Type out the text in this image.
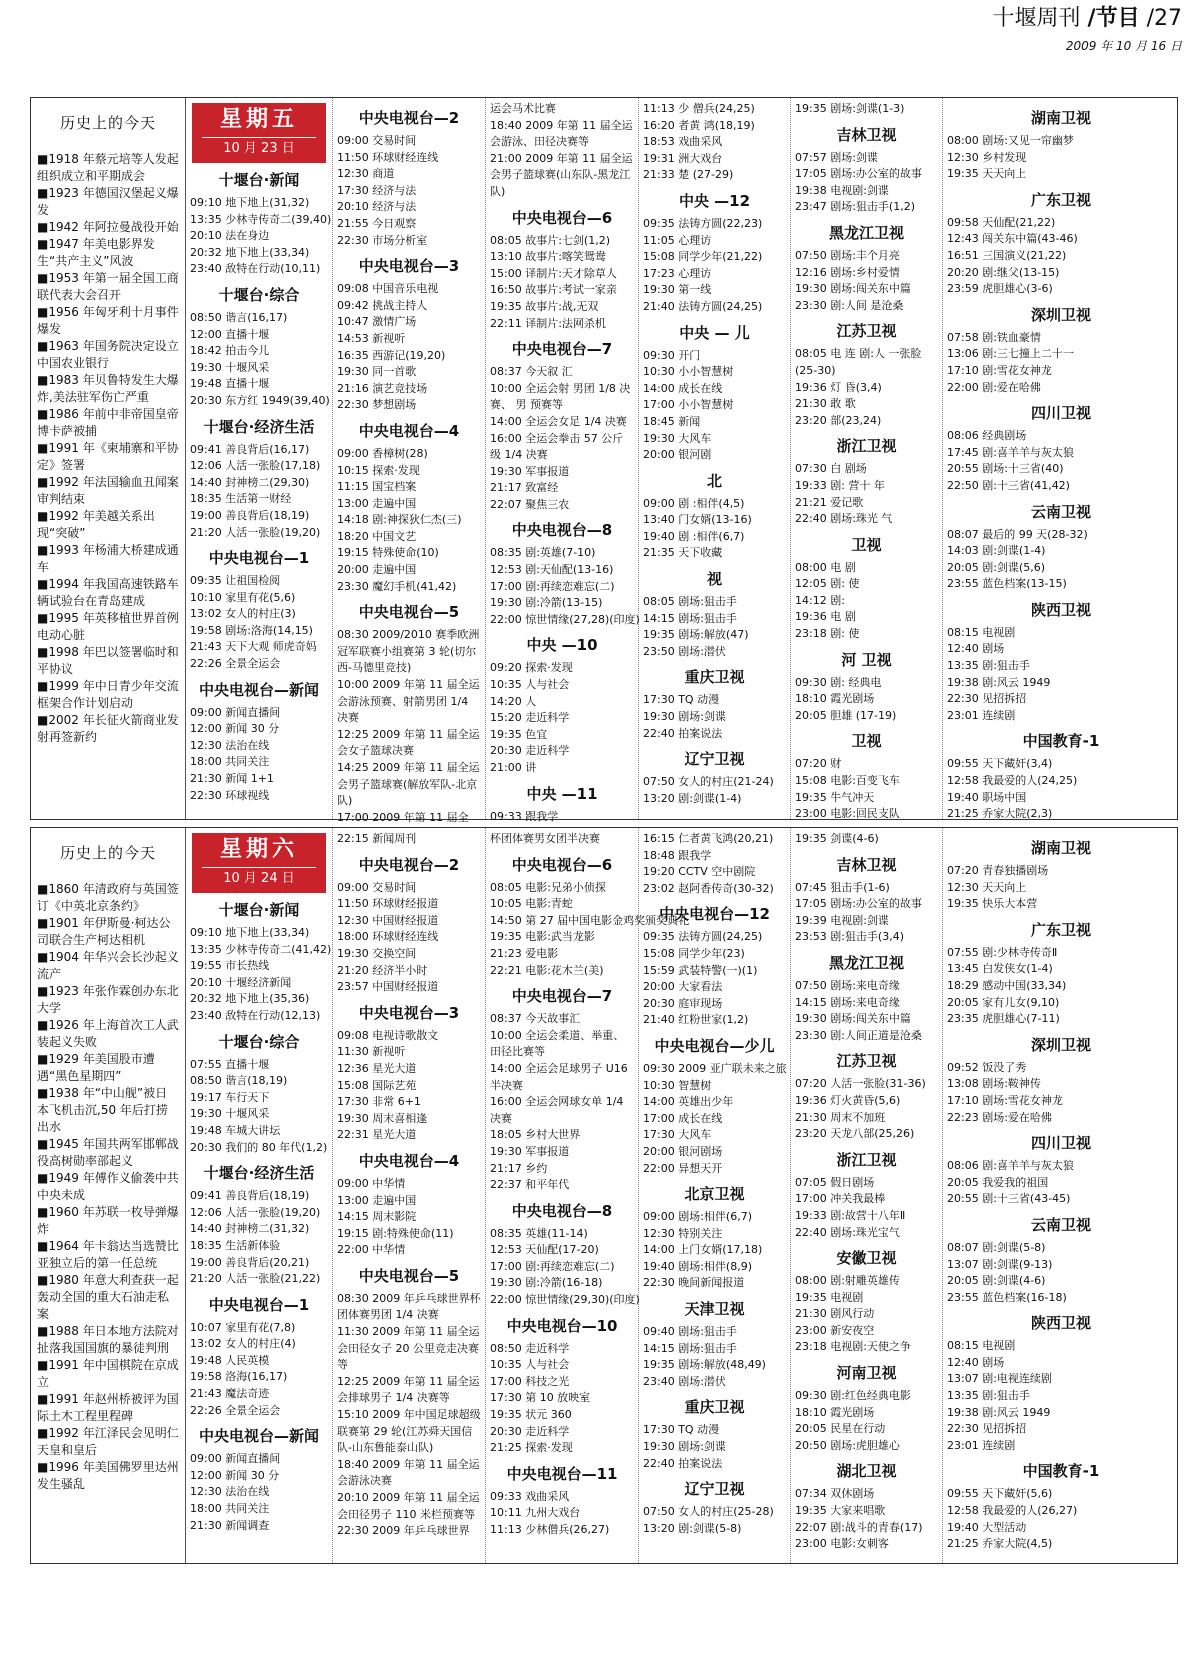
十堰周刊 /节目 /27
2009 年 10 月 16 日
历史上的今天

■1918 年蔡元培等人发起组织成立和平期成会

■1923 年德国汉堡起义爆发

■1942 年阿拉曼战役开始

■1947 年美电影界发生“共产主义”风波

■1953 年第一届全国工商联代表大会召开

■1956 年匈牙利十月事件爆发

■1963 年国务院决定设立中国农业银行

■1983 年贝鲁特发生大爆炸,美法驻军伤亡严重

■1986 年前中非帝国皇帝博卡萨被捕

■1991 年《柬埔寨和平协定》签署

■1992 年法国输血丑闻案审判结束

■1992 年美越关系出现“突破”

■1993 年杨浦大桥建成通车

■1994 年我国高速铁路车辆试验台在青岛建成

■1995 年英移植世界首例电动心脏

■1998 年巴以签署临时和平协议

■1999 年中日青少年交流框架合作计划启动

■2002 年长征火箭商业发射再签新约

星期五
10 月 23 日
十堰台·新闻

09:10 地下地上(31,32)

13:35 少林寺传奇二(39,40)

20:10 法在身边

20:32 地下地上(33,34)

23:40 敌特在行动(10,11)

十堰台·综合

08:50 谐言(16,17)

12:00 直播十堰

18:42 拍击今儿

19:30 十堰风采

19:48 直播十堰

20:30 东方红 1949(39,40)

十堰台·经济生活

09:41 善良背后(16,17)

12:06 人活一张脸(17,18)

14:40 封神榜二(29,30)

18:35 生活第一财经

19:00 善良背后(18,19)

21:20 人活一张脸(19,20)

中央电视台—1

09:35 让祖国检阅

10:10 家里有花(5,6)

13:02 女人的村庄(3)

19:58 剧场:洛海(14,15)

21:43 天下大观 师虎奇妈

22:26 全景全运会

中央电视台—新闻

09:00 新闻直播间

12:00 新闻 30 分

12:30 法治在线

18:00 共同关注

21:30 新闻 1+1

22:30 环球视线

中央电视台—2

09:00 交易时间

11:50 环球财经连线

12:30 商道

17:30 经济与法

20:10 经济与法

21:55 今日观察

22:30 市场分析室

中央电视台—3

09:08 中国音乐电视

09:42 挑战主持人

10:47 激情广场

14:53 新视听

16:35 西游记(19,20)

19:30 同一首歌

21:16 演艺竞技场

22:30 梦想剧场

中央电视台—4

09:00 香樟树(28)

10:15 探索·发现

11:15 国宝档案

13:00 走遍中国

14:18 剧:神探狄仁杰(三)

18:20 中国文艺

19:15 特殊使命(10)

20:00 走遍中国

23:30 魔幻手机(41,42)

中央电视台—5

08:30 2009/2010 赛季欧洲冠军联赛小组赛第 3 轮(切尔西-马德里竞技)

10:00 2009 年第 11 届全运会游泳预赛、射箭男团 1/4 决赛

12:25 2009 年第 11 届全运会女子篮球决赛

14:25 2009 年第 11 届全运会男子篮球赛(解放军队-北京队)

17:00 2009 年第 11 届全

运会马术比赛

18:40 2009 年第 11 届全运会游泳、田径决赛等

21:00 2009 年第 11 届全运会男子篮球赛(山东队-黑龙江队)

中央电视台—6

08:05 故事片:七剑(1,2)

13:10 故事片:喀笑鸳鸯

15:00 译制片:天才除草人

16:50 故事片:考试一家亲

19:35 故事片:战,无双

22:11 译制片:法网杀机

中央电视台—7

08:37 今天叙 汇

10:00 全运会射 男团 1/8 决赛、 男 预赛等

14:00 全运会女足 1/4 决赛

16:00 全运会拳击 57 公斤级 1/4 决赛

19:30 军事报道

21:17 致富经

22:07 聚焦三农

中央电视台—8

08:35 剧:英雄(7-10)

12:53 剧:天仙配(13-16)

17:00 剧:再续恋难忘(二)

19:30 剧:冷箭(13-15)

22:00 惊世情缘(27,28)(印度)

中央 —10

09:20 探索·发现

10:35 人与社会

14:20 人

15:20 走近科学

19:35 色宜

20:30 走近科学

21:00 讲

中央 —11

09:33 跟我学

11:13 少 僧兵(24,25)

16:20 者黄 鸿(18,19)

18:53 戏曲采风

19:31 洲大戏台

21:33 楚 (27-29)

中央 —12

09:35 法铸方圆(22,23)

11:05 心理访

15:08 同学少年(21,22)

17:23 心理访

19:30 第一线

21:40 法铸方圆(24,25)

中央 — 儿

09:30 开门

10:30 小小智慧树

14:00 成长在线

17:00 小小智慧树

18:45 新闻

19:30 大风车

20:00 银河剧

北

09:00 剧 :相伴(4,5)

13:40 门女婿(13-16)

19:40 剧 :相伴(6,7)

21:35 天下收藏

视

08:05 剧场:狙击手

14:15 剧场:狙击手

19:35 剧场:解放(47)

23:50 剧场:潜伏

重庆卫视

17:30 TQ 动漫

19:30 剧场:剑谍

22:40 拍案说法

辽宁卫视

07:50 女人的村庄(21-24)

13:20 剧:剑谍(1-4)

19:35 剧场:剑谍(1-3)

吉林卫视

07:57 剧场:剑谍

17:05 剧场:办公室的故事

19:38 电视剧:剑谍

23:47 剧场:狙击手(1,2)

黑龙江卫视

07:50 剧场:丰个月亮

12:16 剧场:乡村爱情

19:30 剧场:闯关东中篇

23:30 剧:人间 是沧桑

江苏卫视

08:05 电 连 剧:人 一张脸(25-30)

19:36 灯 昏(3,4)

21:30 敢 歌

23:20 部(23,24)

浙江卫视

07:30 白 剧场

19:33 剧: 营十 年

21:21 爱记歌

22:40 剧场:珠光 气

卫视

08:00 电 剧

12:05 剧: 使

14:12 剧:

19:36 电 剧

23:18 剧: 使

河 卫视

09:30 剧: 经典电

18:10 霞光剧场

20:05 胆雄 (17-19)

卫视

07:20 财

15:08 电影:百变飞车

19:35 牛气冲天

23:00 电影:回民支队

湖南卫视

08:00 剧场:又见一帘幽梦

12:30 乡村发现

19:35 天天向上

广东卫视

09:58 天仙配(21,22)

12:43 闯关东中篇(43-46)

16:51 三国演义(21,22)

20:20 剧:继父(13-15)

23:59 虎胆雄心(3-6)

深圳卫视

07:58 剧:铁血豪情

13:06 剧:三七撞上二十一

17:10 剧:雪花女神龙

22:00 剧:爱在哈佛

四川卫视

08:06 经典剧场

17:45 剧:喜羊羊与灰太狼

20:55 剧场:十三省(40)

22:50 剧:十三省(41,42)

云南卫视

08:07 最后的 99 天(28-32)

14:03 剧:剑谍(1-4)

20:05 剧:剑谍(5,6)

23:55 蓝色档案(13-15)

陕西卫视

08:15 电视剧

12:40 剧场

13:35 剧:狙击手

19:38 剧:风云 1949

22:30 见招拆招

23:01 连续剧

中国教育-1

09:55 天下藏奸(3,4)

12:58 我最爱的人(24,25)

19:40 职场中国

21:25 乔家大院(2,3)

历史上的今天

■1860 年清政府与英国签订《中英北京条约》

■1901 年伊斯曼·柯达公司联合生产柯达相机

■1904 年华兴会长沙起义流产

■1923 年张作霖创办东北大学

■1926 年上海首次工人武装起义失败

■1929 年美国股市遭遇“黑色星期四”

■1938 年“中山舰”被日本飞机击沉,50 年后打捞出水

■1945 年国共两军邯郸战役高树勋率部起义

■1949 年傅作义偷袭中共中央未成

■1960 年苏联一枚导弹爆炸

■1964 年卡翁达当选赞比亚独立后的第一任总统

■1980 年意大利查获一起轰动全国的重大石油走私案

■1988 年日本地方法院对扯落我国国旗的暴徒判刑

■1991 年中国棋院在京成立

■1991 年赵州桥被评为国际土木工程里程碑

■1992 年江泽民会见明仁天皇和皇后

■1996 年美国佛罗里达州发生骚乱

星期六
10 月 24 日
十堰台·新闻

09:10 地下地上(33,34)

13:35 少林寺传奇二(41,42)

19:55 市长热线

20:10 十堰经济新闻

20:32 地下地上(35,36)

23:40 敌特在行动(12,13)

十堰台·综合

07:55 直播十堰

08:50 谐言(18,19)

19:17 车行天下

19:30 十堰风采

19:48 车城大讲坛

20:30 我们的 80 年代(1,2)

十堰台·经济生活

09:41 善良背后(18,19)

12:06 人活一张脸(19,20)

14:40 封神榜二(31,32)

18:35 生活新体验

19:00 善良背后(20,21)

21:20 人活一张脸(21,22)

中央电视台—1

10:07 家里有花(7,8)

13:02 女人的村庄(4)

19:48 人民英模

19:58 洛海(16,17)

21:43 魔法奇迹

22:26 全景全运会

中央电视台—新闻

09:00 新闻直播间

12:00 新闻 30 分

12:30 法治在线

18:00 共同关注

21:30 新闻调查

22:15 新闻周刊

中央电视台—2

09:00 交易时间

11:50 环球财经报道

12:30 中国财经报道

18:00 环球财经连线

19:30 交换空间

21:20 经济半小时

23:57 中国财经报道

中央电视台—3

09:08 电视诗歌散文

11:30 新视听

12:36 星光大道

15:08 国际艺苑

17:30 非常 6+1

19:30 周末喜相逢

22:31 星光大道

中央电视台—4

09:00 中华情

13:00 走遍中国

14:15 周末影院

19:15 剧:特殊使命(11)

22:00 中华情

中央电视台—5

08:30 2009 年乒乓球世界杯团体赛男团 1/4 决赛

11:30 2009 年第 11 届全运会田径女子 20 公里竞走决赛等

12:25 2009 年第 11 届全运会排球男子 1/4 决赛等

15:10 2009 年中国足球超级联赛第 29 轮(江苏舜天国信队-山东鲁能泰山队)

18:40 2009 年第 11 届全运会游泳决赛

20:10 2009 年第 11 届全运会田径男子 110 米栏预赛等

22:30 2009 年乒乓球世界

杯团体赛男女团半决赛

中央电视台—6

08:05 电影:兄弟小侦探

10:05 电影:青蛇

14:50 第 27 届中国电影金鸡奖颁奖典礼

19:35 电影:武当龙影

21:23 爱电影

22:21 电影:花木兰(美)

中央电视台—7

08:37 今天故事汇

10:00 全运会柔道、举重、田径比赛等

14:00 全运会足球男子 U16 半决赛

16:00 全运会网球女单 1/4 决赛

18:05 乡村大世界

19:30 军事报道

21:17 乡约

22:37 和平年代

中央电视台—8

08:35 英雄(11-14)

12:53 天仙配(17-20)

17:00 剧:再续恋难忘(二)

19:30 剧:冷箭(16-18)

22:00 惊世情缘(29,30)(印度)

中央电视台—10

08:50 走近科学

10:35 人与社会

17:00 科技之光

17:30 第 10 放映室

19:35 状元 360

20:30 走近科学

21:25 探索·发现

中央电视台—11

09:33 戏曲采风

10:11 九州大戏台

11:13 少林僧兵(26,27)

16:15 仁者黄飞鸿(20,21)

18:48 跟我学

19:20 CCTV 空中剧院

23:02 赵阿香传奇(30-32)

中央电视台—12

09:35 法铸方圆(24,25)

15:08 同学少年(23)

15:59 武装特警(一)(1)

20:00 大家看法

20:30 庭审现场

21:40 红粉世家(1,2)

中央电视台—少儿

09:30 2009 亚广联未来之旅

10:30 智慧树

14:00 英雄出少年

17:00 成长在线

17:30 大风车

20:00 银河剧场

22:00 异想天开

北京卫视

09:00 剧场:相伴(6,7)

12:30 特别关注

14:00 上门女婿(17,18)

19:40 剧场:相伴(8,9)

22:30 晚间新闻报道

天津卫视

09:40 剧场:狙击手

14:15 剧场:狙击手

19:35 剧场:解放(48,49)

23:40 剧场:潜伏

重庆卫视

17:30 TQ 动漫

19:30 剧场:剑谍

22:40 拍案说法

辽宁卫视

07:50 女人的村庄(25-28)

13:20 剧:剑谍(5-8)

19:35 剑谍(4-6)

吉林卫视

07:45 狙击手(1-6)

17:05 剧场:办公室的故事

19:39 电视剧:剑谍

23:53 剧:狙击手(3,4)

黑龙江卫视

07:50 剧场:来电奇缘

14:15 剧场:来电奇缘

19:30 剧场:闯关东中篇

23:30 剧:人间正道是沧桑

江苏卫视

07:20 人活一张脸(31-36)

19:36 灯火黄昏(5,6)

21:30 周末不加班

23:20 天龙八部(25,26)

浙江卫视

07:05 假日剧场

17:00 冲关我最棒

19:33 剧:故营十八年Ⅱ

22:40 剧场:珠光宝气

安徽卫视

08:00 剧:射雕英雄传

19:35 电视剧

21:30 剧风行动

23:00 新安夜空

23:18 电视剧:天使之争

河南卫视

09:30 剧:红色经典电影

18:10 霞光剧场

20:05 民星在行动

20:50 剧场:虎胆雄心

湖北卫视

07:34 双休剧场

19:35 大家来唱歌

22:07 剧:战斗的青春(17)

23:00 电影:女刺客

湖南卫视

07:20 青春独播剧场

12:30 天天向上

19:35 快乐大本营

广东卫视

07:55 剧:少林寺传奇Ⅱ

13:45 白发侠女(1-4)

18:29 感动中国(33,34)

20:05 家有儿女(9,10)

23:35 虎胆雄心(7-11)

深圳卫视

09:52 饭没了秀

13:08 剧场:鞍神传

17:10 剧场:雪花女神龙

22:23 剧场:爱在哈佛

四川卫视

08:06 剧:喜羊羊与灰太狼

20:05 我爱我的祖国

20:55 剧:十三省(43-45)

云南卫视

08:07 剧:剑谍(5-8)

13:07 剧:剑谍(9-13)

20:05 剧:剑谍(4-6)

23:55 蓝色档案(16-18)

陕西卫视

08:15 电视剧

12:40 剧场

13:07 剧:电视连续剧

13:35 剧:狙击手

19:38 剧:风云 1949

22:30 见招拆招

23:01 连续剧

中国教育-1

09:55 天下藏奸(5,6)

12:58 我最爱的人(26,27)

19:40 大型活动

21:25 乔家大院(4,5)
